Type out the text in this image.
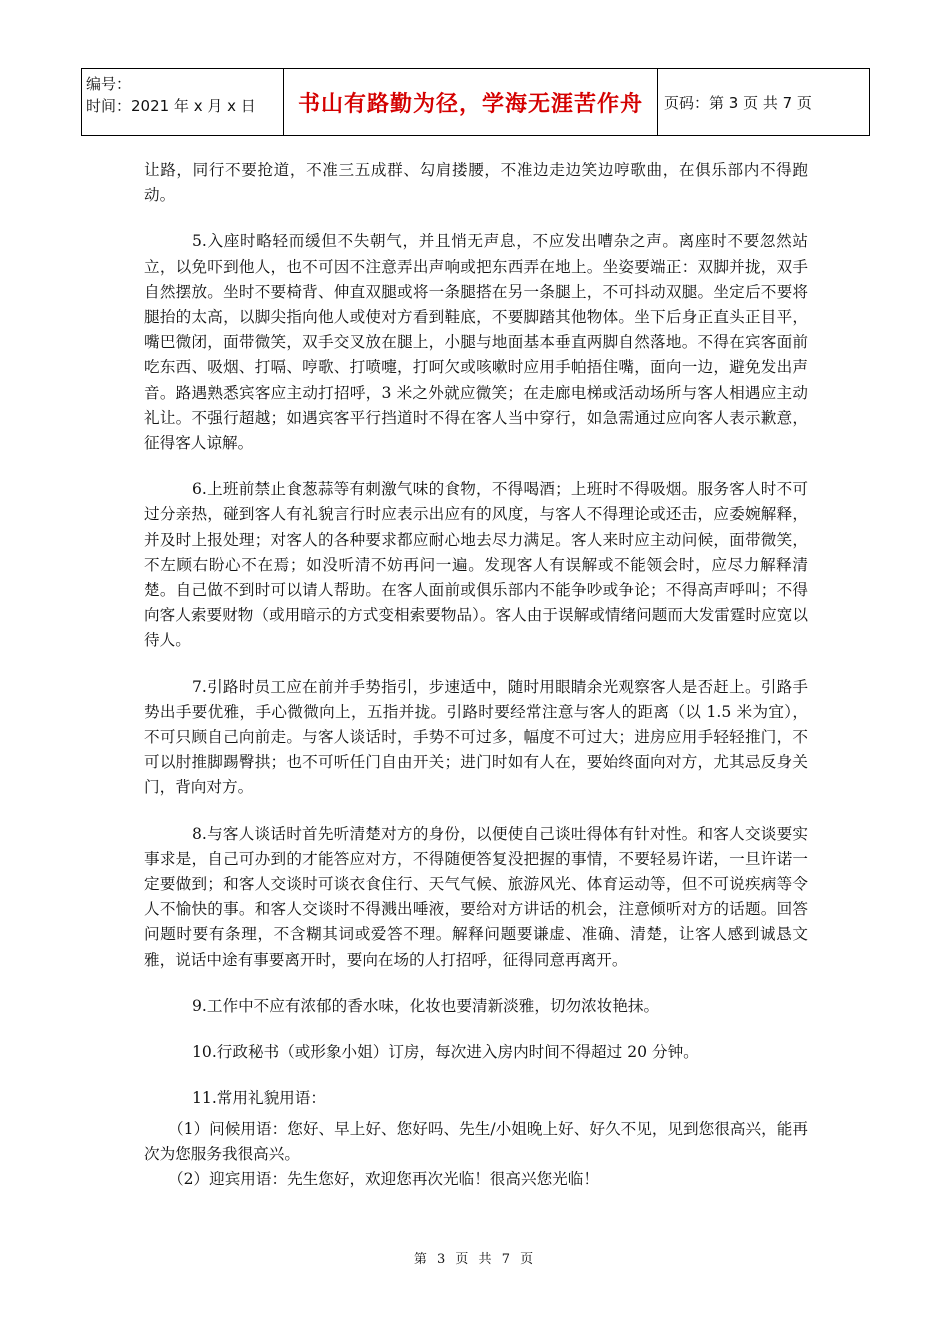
编号：
时间：2021 年 x 月 x 日	书山有路勤为径，学海无涯苦作舟	页码：第 3 页 共 7 页

让路，同行不要抢道，不准三五成群、勾肩搂腰，不准边走边笑边哼歌曲，在俱乐部内不得跑动。

5.入座时略轻而缓但不失朝气，并且悄无声息，不应发出嘈杂之声。离座时不要忽然站立，以免吓到他人，也不可因不注意弄出声响或把东西弄在地上。坐姿要端正：双脚并拢，双手自然摆放。坐时不要椅背、伸直双腿或将一条腿搭在另一条腿上，不可抖动双腿。坐定后不要将腿抬的太高，以脚尖指向他人或使对方看到鞋底，不要脚踏其他物体。坐下后身正直头正目平，嘴巴微闭，面带微笑，双手交叉放在腿上，小腿与地面基本垂直两脚自然落地。不得在宾客面前吃东西、吸烟、打嗝、哼歌、打喷嚏，打呵欠或咳嗽时应用手帕捂住嘴，面向一边，避免发出声音。路遇熟悉宾客应主动打招呼，3 米之外就应微笑；在走廊电梯或活动场所与客人相遇应主动礼让。不强行超越；如遇宾客平行挡道时不得在客人当中穿行，如急需通过应向客人表示歉意，征得客人谅解。

6.上班前禁止食葱蒜等有刺激气味的食物，不得喝酒；上班时不得吸烟。服务客人时不可过分亲热，碰到客人有礼貌言行时应表示出应有的风度，与客人不得理论或还击，应委婉解释，并及时上报处理；对客人的各种要求都应耐心地去尽力满足。客人来时应主动问候，面带微笑，不左顾右盼心不在焉；如没听清不妨再问一遍。发现客人有误解或不能领会时，应尽力解释清楚。自己做不到时可以请人帮助。在客人面前或俱乐部内不能争吵或争论；不得高声呼叫；不得向客人索要财物（或用暗示的方式变相索要物品）。客人由于误解或情绪问题而大发雷霆时应宽以待人。

7.引路时员工应在前并手势指引，步速适中，随时用眼睛余光观察客人是否赶上。引路手势出手要优雅，手心微微向上，五指并拢。引路时要经常注意与客人的距离（以 1.5 米为宜），不可只顾自己向前走。与客人谈话时，手势不可过多，幅度不可过大；进房应用手轻轻推门，不可以肘推脚踢臀拱；也不可听任门自由开关；进门时如有人在，要始终面向对方，尤其忌反身关门，背向对方。

8.与客人谈话时首先听清楚对方的身份，以便使自己谈吐得体有针对性。和客人交谈要实事求是，自己可办到的才能答应对方，不得随便答复没把握的事情，不要轻易许诺，一旦许诺一定要做到；和客人交谈时可谈衣食住行、天气气候、旅游风光、体育运动等，但不可说疾病等令人不愉快的事。和客人交谈时不得溅出唾液，要给对方讲话的机会，注意倾听对方的话题。回答问题时要有条理，不含糊其词或爱答不理。解释问题要谦虚、准确、清楚，让客人感到诚恳文雅，说话中途有事要离开时，要向在场的人打招呼，征得同意再离开。

9.工作中不应有浓郁的香水味，化妆也要清新淡雅，切勿浓妆艳抹。

10.行政秘书（或形象小姐）订房，每次进入房内时间不得超过 20 分钟。

11.常用礼貌用语：

（1）问候用语：您好、早上好、您好吗、先生/小姐晚上好、好久不见，见到您很高兴，能再次为您服务我很高兴。

（2）迎宾用语：先生您好，欢迎您再次光临！很高兴您光临！

第 3 页 共 7 页
